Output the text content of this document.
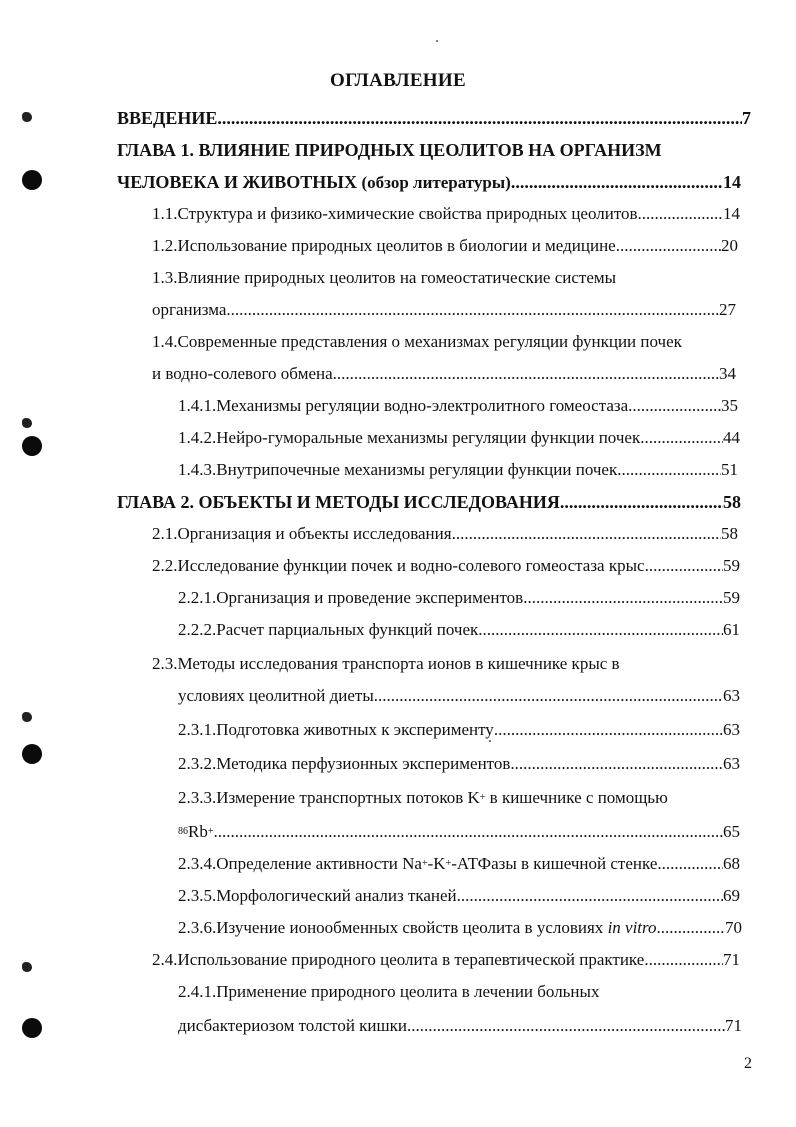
ОГЛАВЛЕНИЕ
ВВЕДЕНИЕ .....	7
ГЛАВА 1. ВЛИЯНИЕ ПРИРОДНЫХ ЦЕОЛИТОВ НА ОРГАНИЗМ
ЧЕЛОВЕКА И ЖИВОТНЫХ (обзор литературы) .....	14
1.1.Структура и физико-химические свойства природных цеолитов .....	14
1.2.Использование природных цеолитов в биологии и медицине .....	20
1.3.Влияние природных цеолитов на гомеостатические системы
организма .....	27
1.4.Современные представления о механизмах регуляции функции почек
и водно-солевого обмена .....	34
1.4.1.Механизмы регуляции водно-электролитного гомеостаза .....	35
1.4.2.Нейро-гуморальные механизмы регуляции функции почек .....	44
1.4.3.Внутрипочечные механизмы регуляции функции почек .....	51
ГЛАВА 2. ОБЪЕКТЫ И МЕТОДЫ ИССЛЕДОВАНИЯ .....	58
2.1.Организация и объекты исследования .....	58
2.2.Исследование функции почек и водно-солевого гомеостаза крыс .....	59
2.2.1.Организация и проведение экспериментов .....	59
2.2.2.Расчет парциальных функций почек .....	61
2.3.Методы исследования транспорта ионов в кишечнике крыс в
условиях цеолитной диеты .....	63
2.3.1.Подготовка животных к эксперименту .....	63
2.3.2.Методика перфузионных экспериментов .....	63
2.3.3.Измерение транспортных потоков K+ в кишечнике с помощью
$^{86}$Rb+ .....	65
2.3.4.Определение активности Na+-K+-АТФазы в кишечной стенке .....	68
2.3.5.Морфологический анализ тканей .....	69
2.3.6.Изучение ионообменных свойств цеолита в условиях in vitro .....	70
2.4.Использование природного цеолита в терапевтической практике .....	71
2.4.1.Применение природного цеолита в лечении больных
дисбактериозом толстой кишки .....	71
2
